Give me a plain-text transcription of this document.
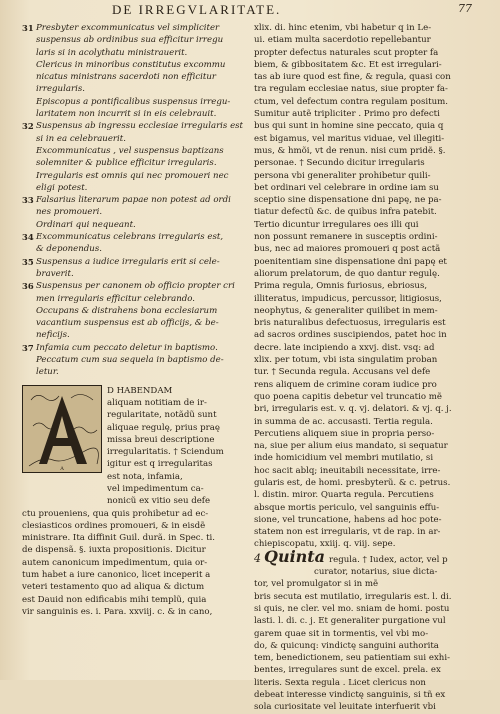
DE IRREGVLARITATE.	77
31 Presbyter excommunicatus vel simpliciter
suspensus ab ordinibus sua efficitur irregu
laris si in acolythatu ministrauerit.
Clericus in minoribus constitutus excommu
nicatus ministrans sacerdoti non efficitur
irregularis.
Episcopus a pontificalibus suspensus irregu-
laritatem non incurrit si in eis celebrauit.
32 Suspensus ab ingressu ecclesiae irregularis est
si in ea celebrauerit.
Excommunicatus , vel suspensus baptizans
solemniter & publice efficitur irregularis.
Irregularis est omnis qui nec promoueri nec
eligi potest.
33 Falsarius literarum papae non potest ad ordi
nes promoueri.
Ordinari qui nequeant.
34 Excommunicatus celebrans irregularis est,
& deponendus.
35 Suspensus a iudice irregularis erit si cele-
braverit.
36 Suspensus per canonem ob officio propter cri
men irregularis efficitur celebrando.
Occupans & distrahens bona ecclesiarum
vacantium suspensus est ab officijs, & be-
neficijs.
37 Infamia cum peccato deletur in baptismo.
Peccatum cum sua sequela in baptismo de-
letur.
A
D HABENDAM
aliquam notitiam de ir-
regularitate, notãdũ sunt
aliquae regulę, prius praę
missa breui descriptione
irregularitatis. † Sciendum
igitur est q irregularitas
est nota, infamia,
vel impedimentum ca-
nonicũ ex vitio seu defe
ctu proueniens, qua quis prohibetur ad ec-
clesiasticos ordines promoueri, & in eisdẽ
ministrare. Ita diffinit Guil. durã. in Spec. ti.
de dispensã. §. iuxta propositionis. Dicitur
autem canonicum impedimentum, quia or-
tum habet a iure canonico, licet inceperit a
veteri testamento quo ad aliqua & dictum
est Dauid non edificabis mihi templũ, quia
vir sanguinis es. i. Para. xxviij. c. & in cano,
xlix. di. hinc etenim, vbi habetur q in Le-
ui. etiam multa sacerdotio repellebantur
propter defectus naturales scut propter fa
biem, & gibbositatem &c. Et est irregulari-
tas ab iure quod est fine, & regula, quasi con
tra regulam ecclesiae natus, siue propter fa-
ctum, vel defectum contra regulam positum.
Sumitur autẽ tripliciter . Primo pro defecti
bus qui sunt in homine sine peccato, quia q
est bigamus, vel maritus viduae, vel illegiti-
mus, & hmõi, vt de renun. nisi cum pridẽ. §.
personae. † Secundo dicitur irregularis
persona vbi generaliter prohibetur quili-
bet ordinari vel celebrare in ordine iam su
sceptio sine dispensatione dni papę, ne pa-
tiatur defectũ &c. de quibus infra patebit.
Tertio dicuntur irregulares oes illi qui
non possunt remanere in susceptis ordini-
bus, nec ad maiores promoueri q post actã
poenitentiam sine dispensatione dni papę et
aliorum prelatorum, de quo dantur regulę.
Prima regula, Omnis furiosus, ebriosus,
illiteratus, impudicus, percussor, litigiosus,
neophytus, & generaliter quilibet in mem-
bris naturalibus defectuosus, irregularis est
ad sacros ordines suscipiendos, patet hoc in
decre. late incipiendo a xxvj. dist. vsq: ad
xlix. per totum, vbi ista singulatim proban
tur. † Secunda regula. Accusans vel defe
rens aliquem de crimine coram iudice pro
quo poena capitis debetur vel truncatio mẽ
bri, irregularis est. v. q. vj. delatori. & vj. q. j.
in summa de ac. accusasti. Tertia regula.
Percutiens aliquem siue in propria perso-
na, siue per alium eius mandato, si sequatur
inde homicidium vel membri mutilatio, si
hoc sacit ablq; ineuitabili necessitate, irre-
gularis est, de homi. presbyterũ. & c. petrus.
l. distin. miror. Quarta regula. Percutiens
absque mortis periculo, vel sanguinis effu-
sione, vel truncatione, habens ad hoc pote-
statem non est irregularis, vt de rap. in ar-
chiepiscopatu, xxiij. q. viij. sepe.
4 Quinta regula. † Iudex, actor, vel p
curator, notarius, siue dicta-
tor, vel promulgator si in mẽ
bris secuta est mutilatio, irregularis est. l. di.
si quis, ne cler. vel mo. sniam de homi. postu
lasti. l. di. c. j. Et generaliter purgatione vul
garem quae sit in tormentis, vel vbi mo-
do, & quicunq: vindictę sanguini authorita
tem, benedictionem, seu patientiam sui exhi-
bentes, irregulares sunt de excel. prela. ex
literis. Sexta regula . Licet clericus non
debeat interesse vindictę sanguinis, si tñ ex
sola curiositate vel leuitate interfuerit vbi
